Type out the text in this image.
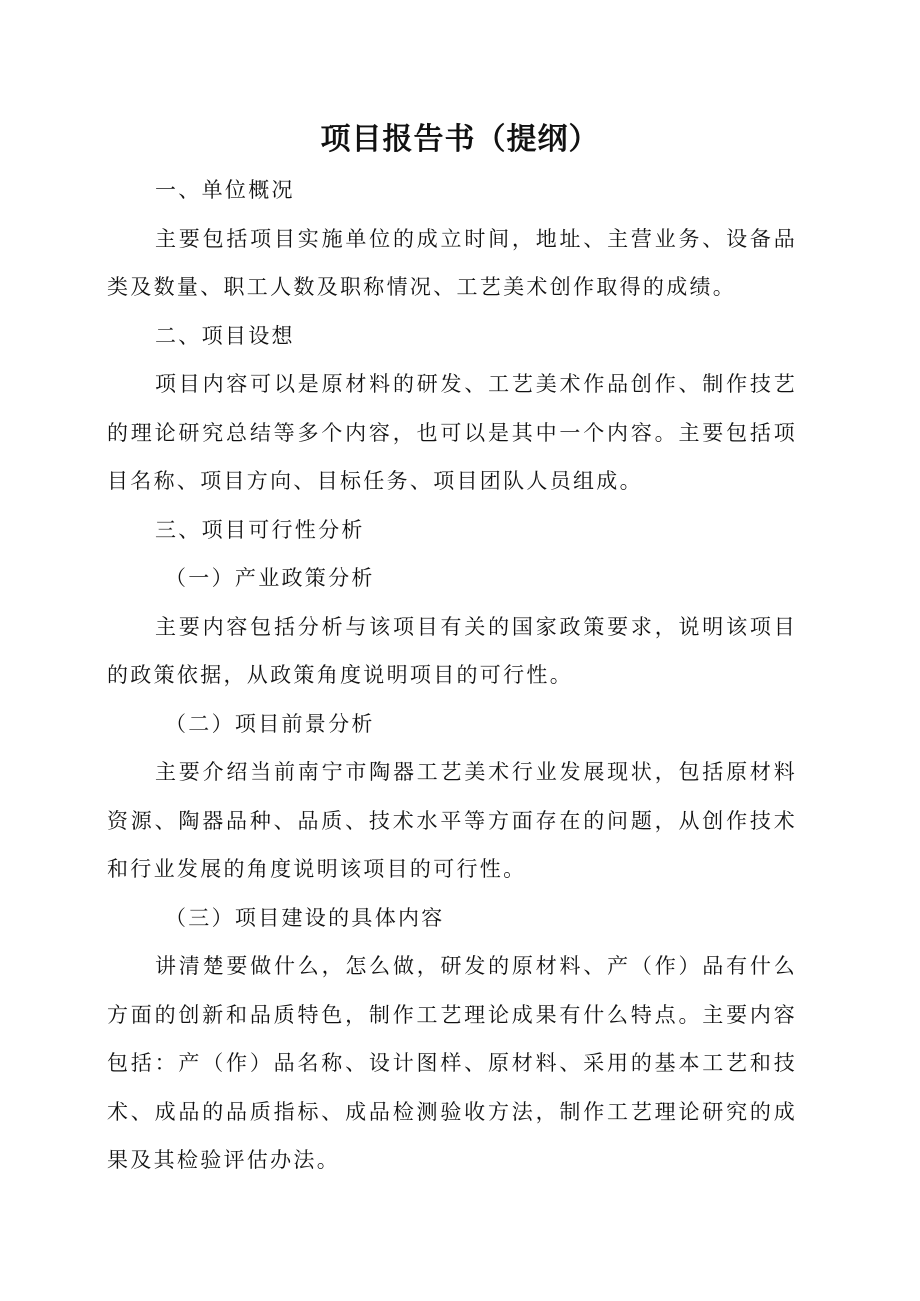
项目报告书（提纲）

一、单位概况

主要包括项目实施单位的成立时间，地址、主营业务、设备品类及数量、职工人数及职称情况、工艺美术创作取得的成绩。

二、项目设想

项目内容可以是原材料的研发、工艺美术作品创作、制作技艺的理论研究总结等多个内容，也可以是其中一个内容。主要包括项目名称、项目方向、目标任务、项目团队人员组成。

三、项目可行性分析

（一）产业政策分析

主要内容包括分析与该项目有关的国家政策要求，说明该项目的政策依据，从政策角度说明项目的可行性。

（二）项目前景分析

主要介绍当前南宁市陶器工艺美术行业发展现状，包括原材料资源、陶器品种、品质、技术水平等方面存在的问题，从创作技术和行业发展的角度说明该项目的可行性。

（三）项目建设的具体内容

讲清楚要做什么，怎么做，研发的原材料、产（作）品有什么方面的创新和品质特色，制作工艺理论成果有什么特点。主要内容包括：产（作）品名称、设计图样、原材料、采用的基本工艺和技术、成品的品质指标、成品检测验收方法，制作工艺理论研究的成果及其检验评估办法。
